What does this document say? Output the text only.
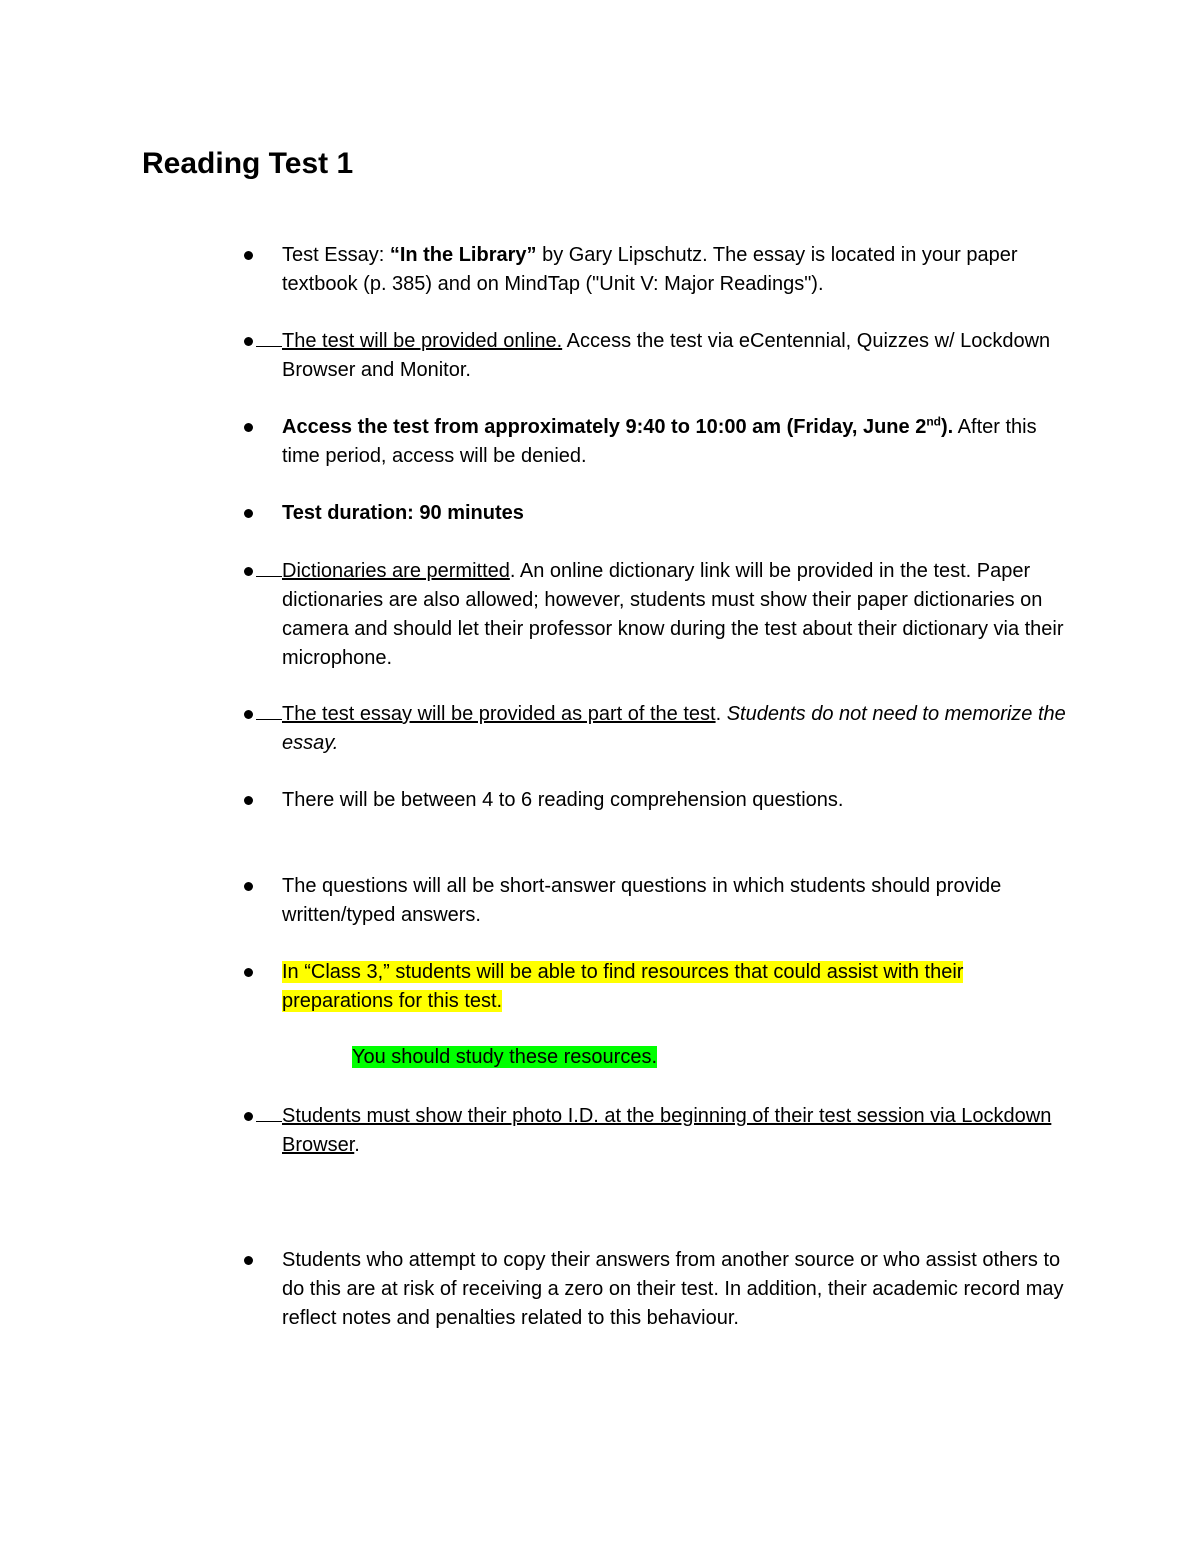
Reading Test 1
Test Essay: “In the Library” by Gary Lipschutz. The essay is located in your paper textbook (p. 385) and on MindTap ("Unit V: Major Readings").
The test will be provided online. Access the test via eCentennial, Quizzes w/ Lockdown Browser and Monitor.
Access the test from approximately 9:40 to 10:00 am (Friday, June 2nd). After this time period, access will be denied.
Test duration: 90 minutes
Dictionaries are permitted. An online dictionary link will be provided in the test. Paper dictionaries are also allowed; however, students must show their paper dictionaries on camera and should let their professor know during the test about their dictionary via their microphone.
The test essay will be provided as part of the test. Students do not need to memorize the essay.
There will be between 4 to 6 reading comprehension questions.
The questions will all be short-answer questions in which students should provide written/typed answers.
In “Class 3,” students will be able to find resources that could assist with their preparations for this test.
You should study these resources.
Students must show their photo I.D. at the beginning of their test session via Lockdown Browser.
Students who attempt to copy their answers from another source or who assist others to do this are at risk of receiving a zero on their test. In addition, their academic record may reflect notes and penalties related to this behaviour.
